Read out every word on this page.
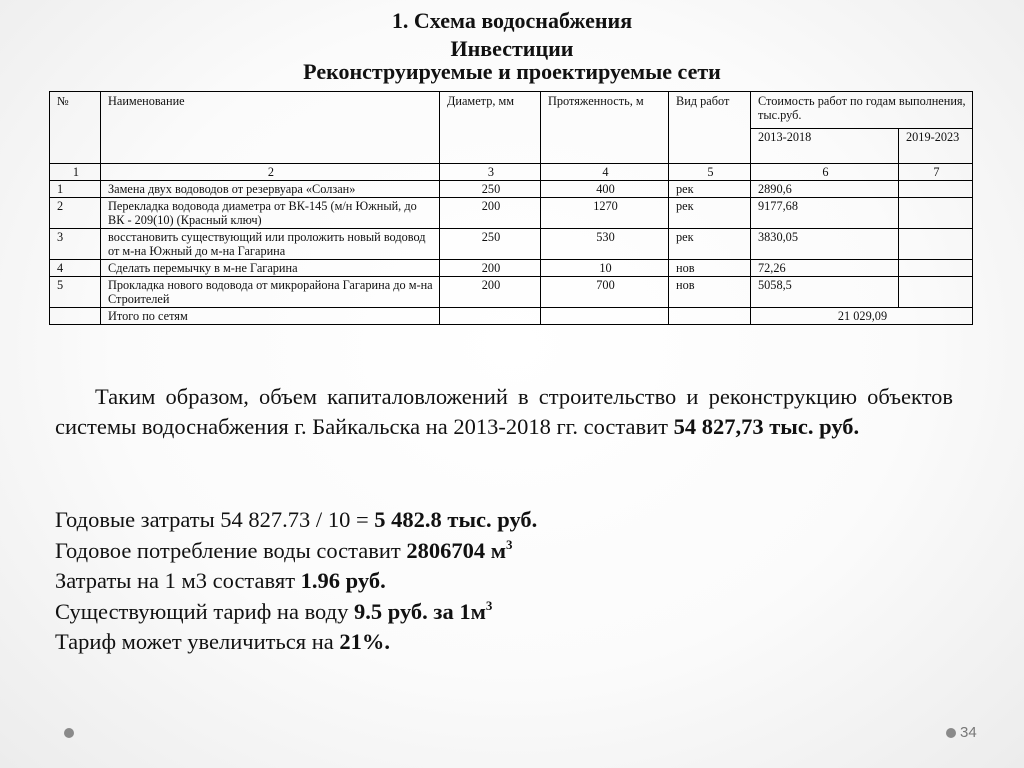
1. Схема водоснабжения
Инвестиции
Реконструируемые и проектируемые сети
№	Наименование	Диаметр, мм	Протяженность, м	Вид работ	Стоимость работ по годам выполнения, тыс.руб.	
					2013-2018	2019-2023
1	2	3	4	5	6	7
1	Замена двух водоводов от резервуара «Солзан»	250	400	рек	2890,6	
2	Перекладка водовода диаметра от ВК-145 (м/н Южный, до ВК - 209(10) (Красный ключ)	200	1270	рек	9177,68	
3	восстановить существующий или проложить новый водовод от м-на Южный до м-на Гагарина	250	530	рек	3830,05	
4	Сделать перемычку в м-не Гагарина	200	10	нов	72,26	
5	Прокладка нового водовода от микрорайона Гагарина до м-на Строителей	200	700	нов	5058,5	
	Итого по сетям				21 029,09	

Таким образом, объем капиталовложений в строительство и реконструкцию объектов системы водоснабжения г. Байкальска на 2013-2018 гг. составит 54 827,73 тыс. руб.

Годовые затраты 54 827.73 / 10 = 5 482.8 тыс. руб.
Годовое потребление воды составит 2806704 $м^3$
Затраты на 1 м3 составят 1.96 руб.
Существующий тариф на воду 9.5 руб. за $1м^3$
Тариф может увеличиться на 21%.
34
